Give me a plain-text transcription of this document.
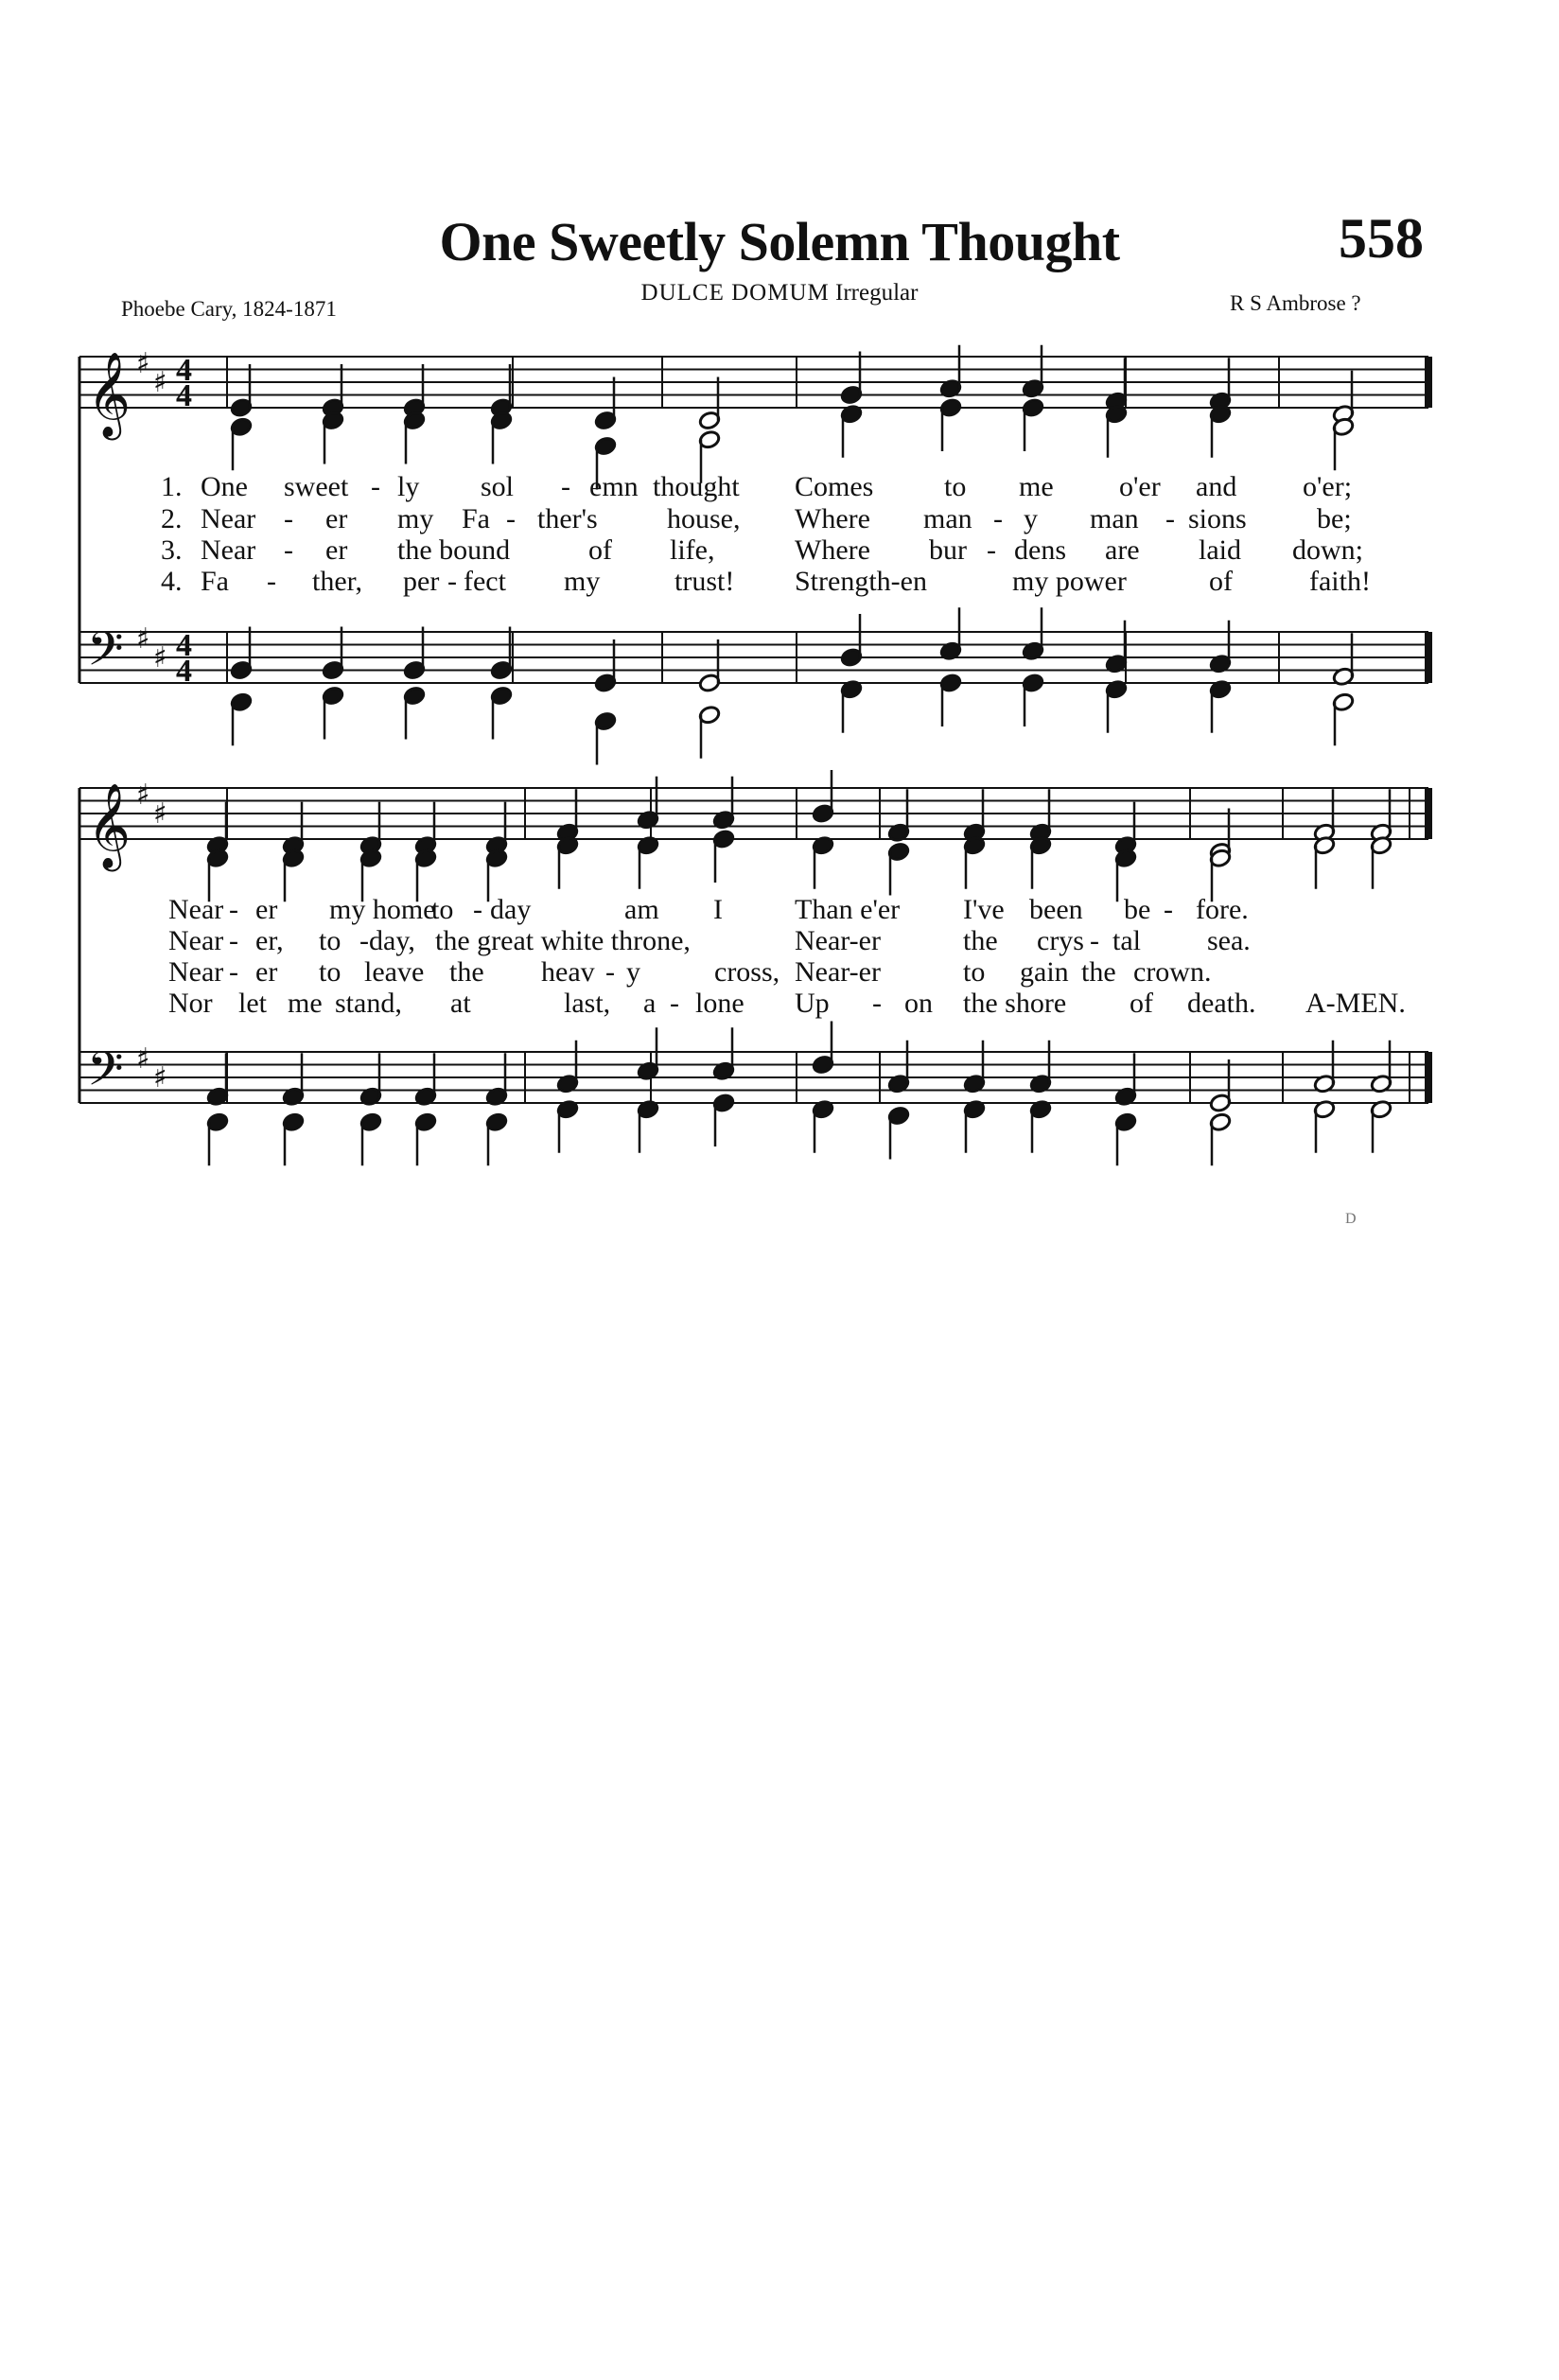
One Sweetly Solemn Thought	558
Phoebe Cary, 1824-1871
DULCE DOMUM Irregular	R S Ambrose ?
𝄞
𝄢
♯
♯
♯
♯
4
4
4
4
𝄞
𝄢
♯
♯
♯
♯
1. One sweet - ly sol - emn thought Comes to me o'er and o'er;
2. Near - er my Fa - ther's house, Where man - y man - sions be;
3. Near - er the bound	of life,	Where bur - dens are laid down;
4. Fa - ther, per - fect my	trust! Strength-en	my power	of	faith!
Near - er my home
to - day	am I	Than e'er I've been be - fore.
Near - er, to - day, the great white throne,	Near-er	the crys - tal sea.
Near - er to leave the heav - y	cross, Near-er	to gain the crown.
Nor let me stand, at	last, a - lone Up - on the shore of death. A-MEN.
D
